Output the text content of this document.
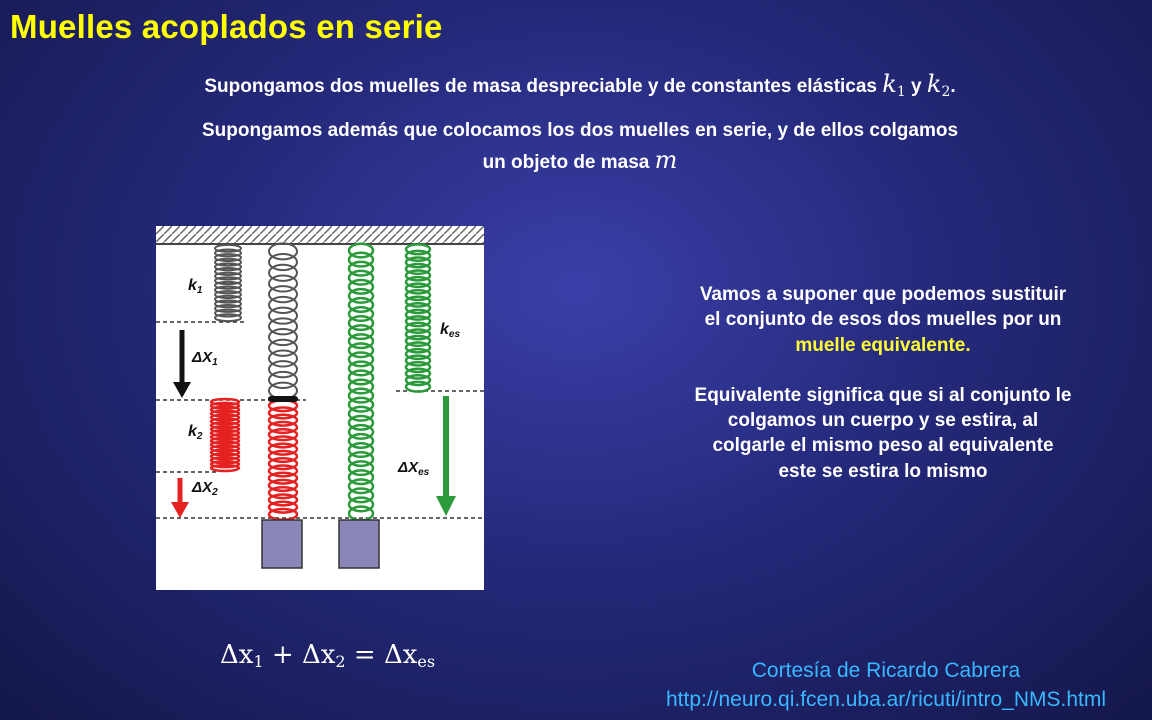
Muelles acoplados en serie
Supongamos dos muelles de masa despreciable y de constantes elásticas $k_1$ y $k_2$.
Supongamos además que colocamos los dos muelles en serie, y de ellos colgamos
un objeto de masa m
k1
$\Delta X_1$
k2
$\Delta X_2$
kes
$\Delta X_{es}$
Vamos a suponer que podemos sustituir el conjunto de esos dos muelles por un muelle equivalente.
Equivalente significa que si al conjunto le colgamos un cuerpo y se estira, al colgarle el mismo peso al equivalente este se estira lo mismo
$\Delta x_1 + \Delta x_2 = \Delta x_{es}$	Cortesía de Ricardo Cabrera
http://neuro.qi.fcen.uba.ar/ricuti/intro_NMS.html
